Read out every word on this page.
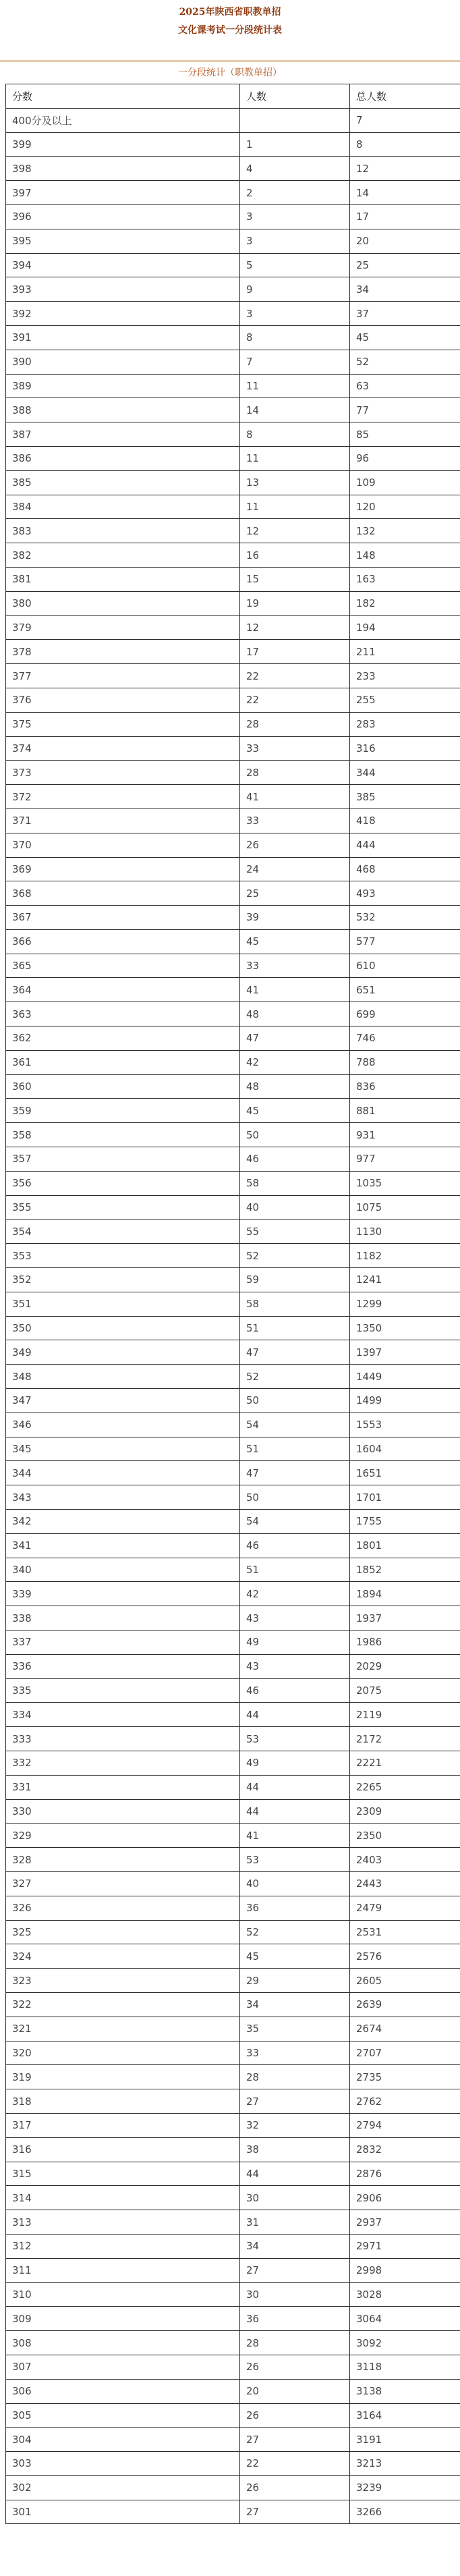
2025年陕西省职教单招
文化课考试一分段统计表
一分段统计（职教单招）
分数	人数	总人数
400分及以上		7
399	1	8
398	4	12
397	2	14
396	3	17
395	3	20
394	5	25
393	9	34
392	3	37
391	8	45
390	7	52
389	11	63
388	14	77
387	8	85
386	11	96
385	13	109
384	11	120
383	12	132
382	16	148
381	15	163
380	19	182
379	12	194
378	17	211
377	22	233
376	22	255
375	28	283
374	33	316
373	28	344
372	41	385
371	33	418
370	26	444
369	24	468
368	25	493
367	39	532
366	45	577
365	33	610
364	41	651
363	48	699
362	47	746
361	42	788
360	48	836
359	45	881
358	50	931
357	46	977
356	58	1035
355	40	1075
354	55	1130
353	52	1182
352	59	1241
351	58	1299
350	51	1350
349	47	1397
348	52	1449
347	50	1499
346	54	1553
345	51	1604
344	47	1651
343	50	1701
342	54	1755
341	46	1801
340	51	1852
339	42	1894
338	43	1937
337	49	1986
336	43	2029
335	46	2075
334	44	2119
333	53	2172
332	49	2221
331	44	2265
330	44	2309
329	41	2350
328	53	2403
327	40	2443
326	36	2479
325	52	2531
324	45	2576
323	29	2605
322	34	2639
321	35	2674
320	33	2707
319	28	2735
318	27	2762
317	32	2794
316	38	2832
315	44	2876
314	30	2906
313	31	2937
312	34	2971
311	27	2998
310	30	3028
309	36	3064
308	28	3092
307	26	3118
306	20	3138
305	26	3164
304	27	3191
303	22	3213
302	26	3239
301	27	3266
